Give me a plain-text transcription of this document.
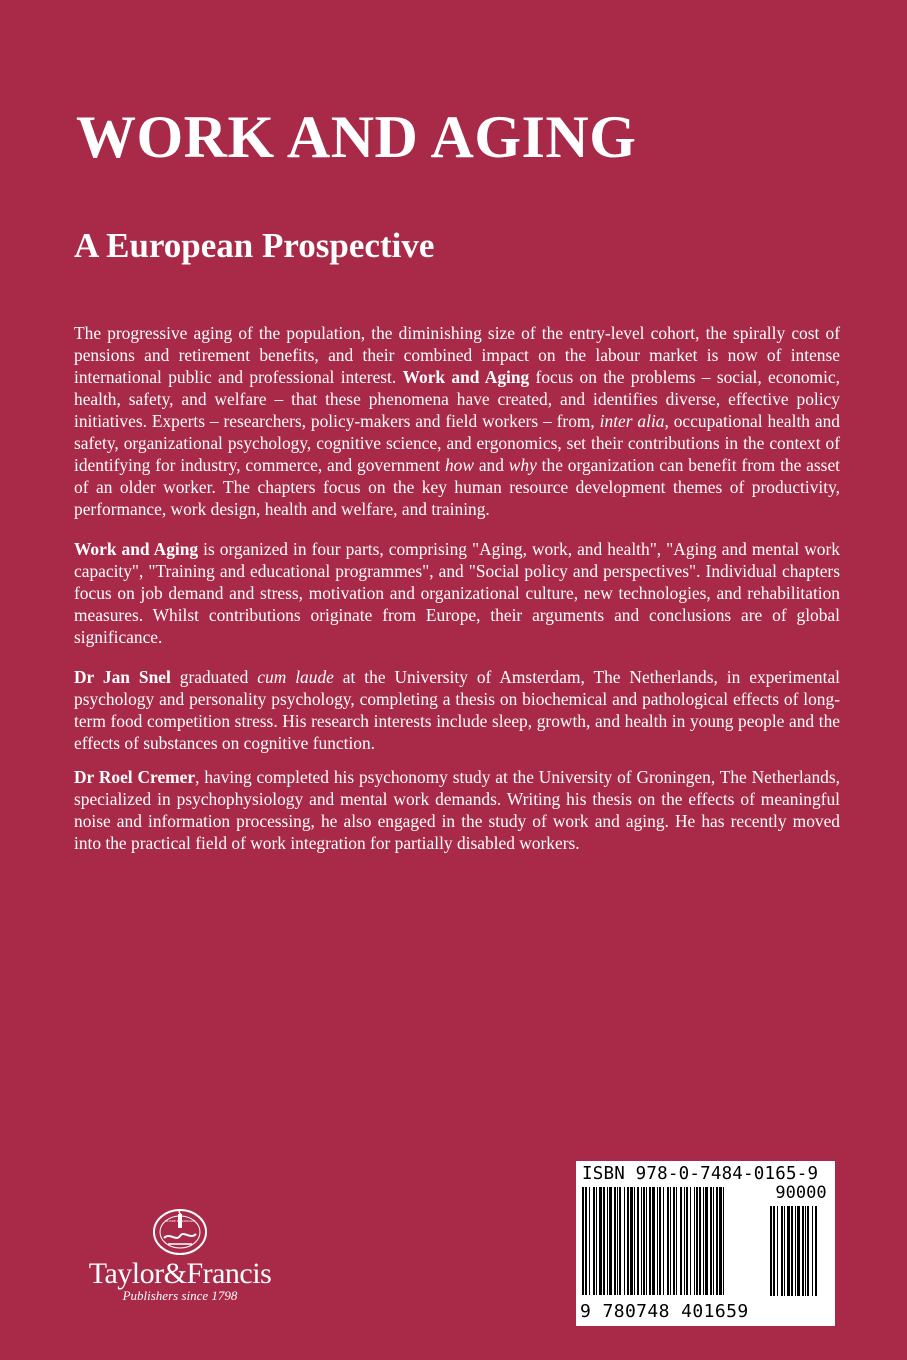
WORK AND AGING
A European Prospective

The progressive aging of the population, the diminishing size of the entry-level cohort, the spirally cost of pensions and retirement benefits, and their combined impact on the labour market is now of intense international public and professional interest. Work and Aging focus on the problems – social, economic, health, safety, and welfare – that these phenomena have created, and identifies diverse, effective policy initiatives. Experts – researchers, policy-makers and field workers – from, inter alia, occupational health and safety, organizational psychology, cognitive science, and ergonomics, set their contributions in the context of identifying for industry, commerce, and government how and why the organization can benefit from the asset of an older worker. The chapters focus on the key human resource development themes of productivity, performance, work design, health and welfare, and training.

Work and Aging is organized in four parts, comprising "Aging, work, and health", "Aging and mental work capacity", "Training and educational programmes", and "Social policy and perspectives". Individual chapters focus on job demand and stress, motivation and organizational culture, new technologies, and rehabilitation measures. Whilst contributions originate from Europe, their arguments and conclusions are of global significance.

Dr Jan Snel graduated cum laude at the University of Amsterdam, The Netherlands, in experimental psychology and personality psychology, completing a thesis on biochemical and pathological effects of long-term food competition stress. His research interests include sleep, growth, and health in young people and the effects of substances on cognitive function.

Dr Roel Cremer, having completed his psychonomy study at the University of Groningen, The Netherlands, specialized in psychophysiology and mental work demands. Writing his thesis on the effects of meaningful noise and information processing, he also engaged in the study of work and aging. He has recently moved into the practical field of work integration for partially disabled workers.

ALERE FLAMMAM
Taylor&Francis
Publishers since 1798
ISBN 978-0-7484-0165-9
90000
9 780748 401659
